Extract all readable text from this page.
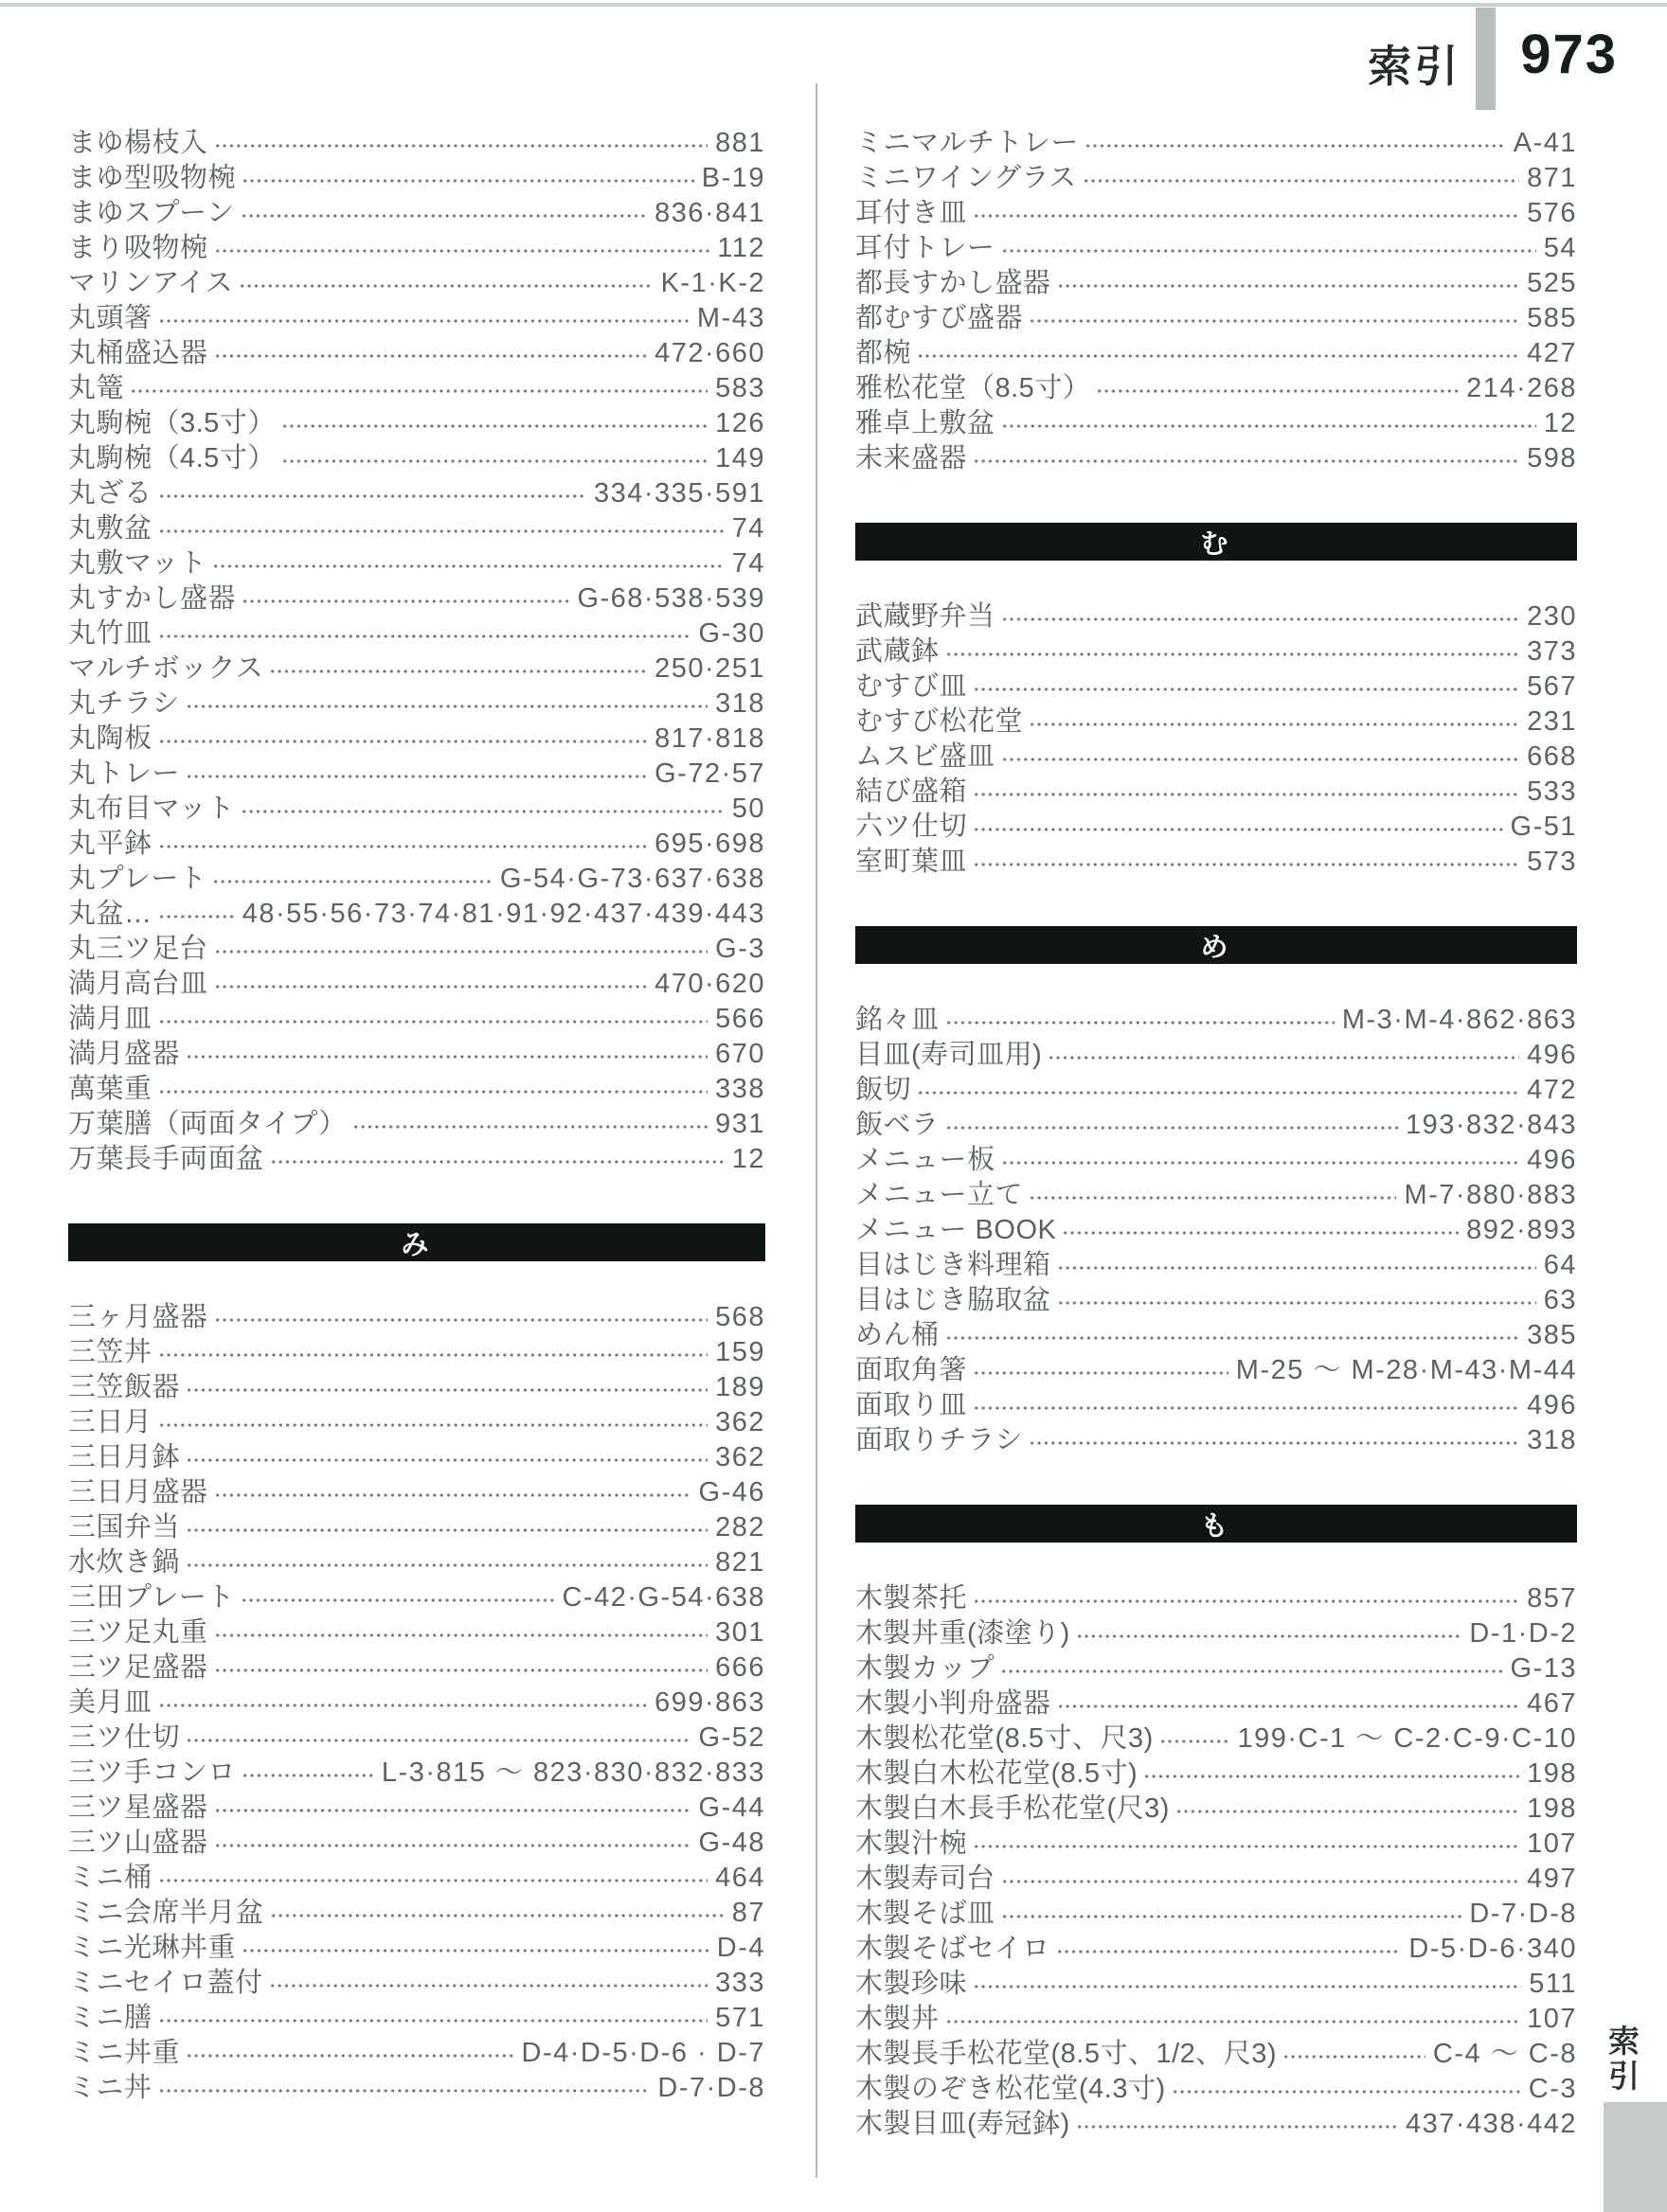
索引 973
まゆ楊枝入	881
まゆ型吸物椀	B-19
まゆスプーン	836·841
まり吸物椀	112
マリンアイス	K-1·K-2
丸頭箸	M-43
丸桶盛込器	472·660
丸篭	583
丸駒椀（3.5寸）	126
丸駒椀（4.5寸）	149
丸ざる	334·335·591
丸敷盆	74
丸敷マット	74
丸すかし盛器	G-68·538·539
丸竹皿	G-30
マルチボックス	250·251
丸チラシ	318
丸陶板	817·818
丸トレー	G-72·57
丸布目マット	50
丸平鉢	695·698
丸プレート	G-54·G-73·637·638
丸盆…	48·55·56·73·74·81·91·92·437·439·443
丸三ツ足台	G-3
満月高台皿	470·620
満月皿	566
満月盛器	670
萬葉重	338
万葉膳（両面タイプ）	931
万葉長手両面盆	12
み
三ヶ月盛器	568
三笠丼	159
三笠飯器	189
三日月	362
三日月鉢	362
三日月盛器	G-46
三国弁当	282
水炊き鍋	821
三田プレート	C-42·G-54·638
三ツ足丸重	301
三ツ足盛器	666
美月皿	699·863
三ツ仕切	G-52
三ツ手コンロ	L-3·815 ～ 823·830·832·833
三ツ星盛器	G-44
三ツ山盛器	G-48
ミニ桶	464
ミニ会席半月盆	87
ミニ光琳丼重	D-4
ミニセイロ蓋付	333
ミニ膳	571
ミニ丼重	D-4·D-5·D-6 · D-7
ミニ丼	D-7·D-8
ミニマルチトレー	A-41
ミニワイングラス	871
耳付き皿	576
耳付トレー	54
都長すかし盛器	525
都むすび盛器	585
都椀	427
雅松花堂（8.5寸）	214·268
雅卓上敷盆	12
未来盛器	598
む
武蔵野弁当	230
武蔵鉢	373
むすび皿	567
むすび松花堂	231
ムスビ盛皿	668
結び盛箱	533
六ツ仕切	G-51
室町葉皿	573
め
銘々皿	M-3·M-4·862·863
目皿(寿司皿用)	496
飯切	472
飯ベラ	193·832·843
メニュー板	496
メニュー立て	M-7·880·883
メニュー BOOK	892·893
目はじき料理箱	64
目はじき脇取盆	63
めん桶	385
面取角箸	M-25 ～ M-28·M-43·M-44
面取り皿	496
面取りチラシ	318
も
木製茶托	857
木製丼重(漆塗り)	D-1·D-2
木製カップ	G-13
木製小判舟盛器	467
木製松花堂(8.5寸、尺3)	199·C-1 ～ C-2·C-9·C-10
木製白木松花堂(8.5寸)	198
木製白木長手松花堂(尺3)	198
木製汁椀	107
木製寿司台	497
木製そば皿	D-7·D-8
木製そばセイロ	D-5·D-6·340
木製珍味	511
木製丼	107
木製長手松花堂(8.5寸、1/2、尺3)	C-4 ～ C-8
木製のぞき松花堂(4.3寸)	C-3
木製目皿(寿冠鉢)	437·438·442
索引
